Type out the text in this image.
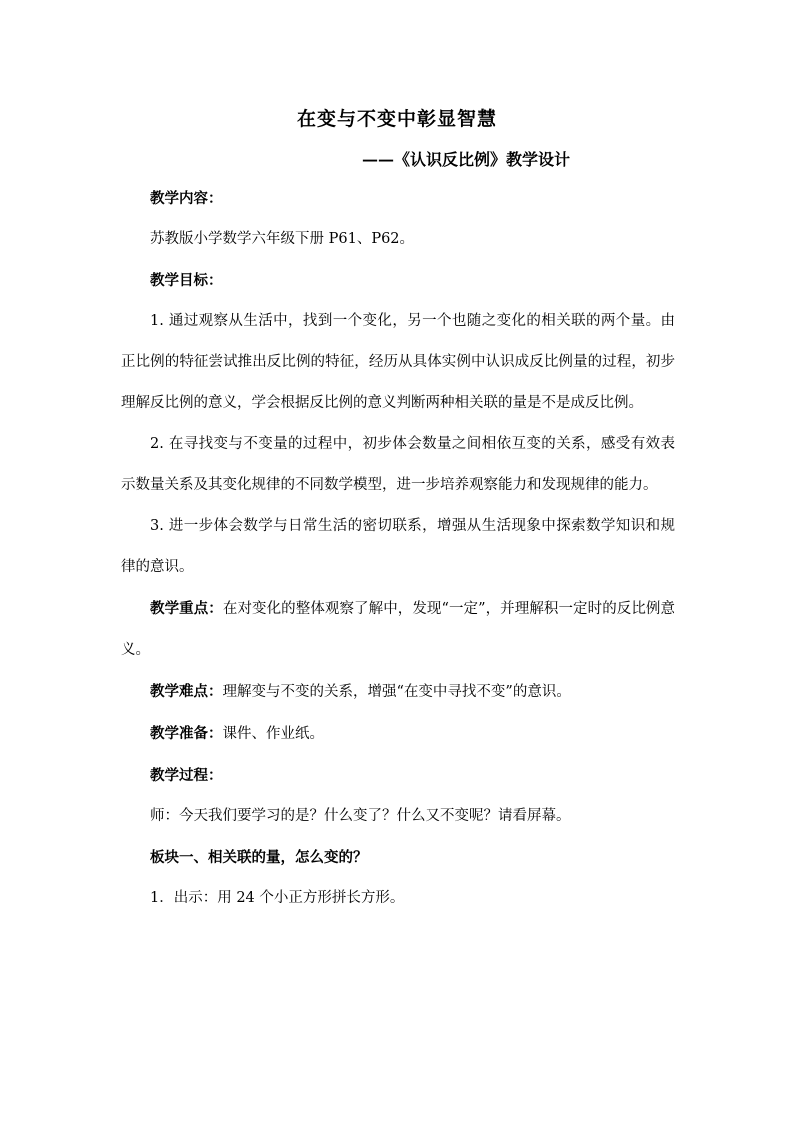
在变与不变中彰显智慧
——《认识反比例》教学设计

教学内容：

苏教版小学数学六年级下册 P61、P62。

教学目标：

1. 通过观察从生活中，找到一个变化，另一个也随之变化的相关联的两个量。由正比例的特征尝试推出反比例的特征，经历从具体实例中认识成反比例量的过程，初步理解反比例的意义，学会根据反比例的意义判断两种相关联的量是不是成反比例。

2. 在寻找变与不变量的过程中，初步体会数量之间相依互变的关系，感受有效表示数量关系及其变化规律的不同数学模型，进一步培养观察能力和发现规律的能力。

3. 进一步体会数学与日常生活的密切联系，增强从生活现象中探索数学知识和规律的意识。

教学重点：在对变化的整体观察了解中，发现“一定”，并理解积一定时的反比例意义。

教学难点：理解变与不变的关系，增强“在变中寻找不变”的意识。

教学准备：课件、作业纸。

教学过程：

师：今天我们要学习的是？什么变了？什么又不变呢？请看屏幕。

板块一、相关联的量，怎么变的？

1．出示：用 24 个小正方形拼长方形。
